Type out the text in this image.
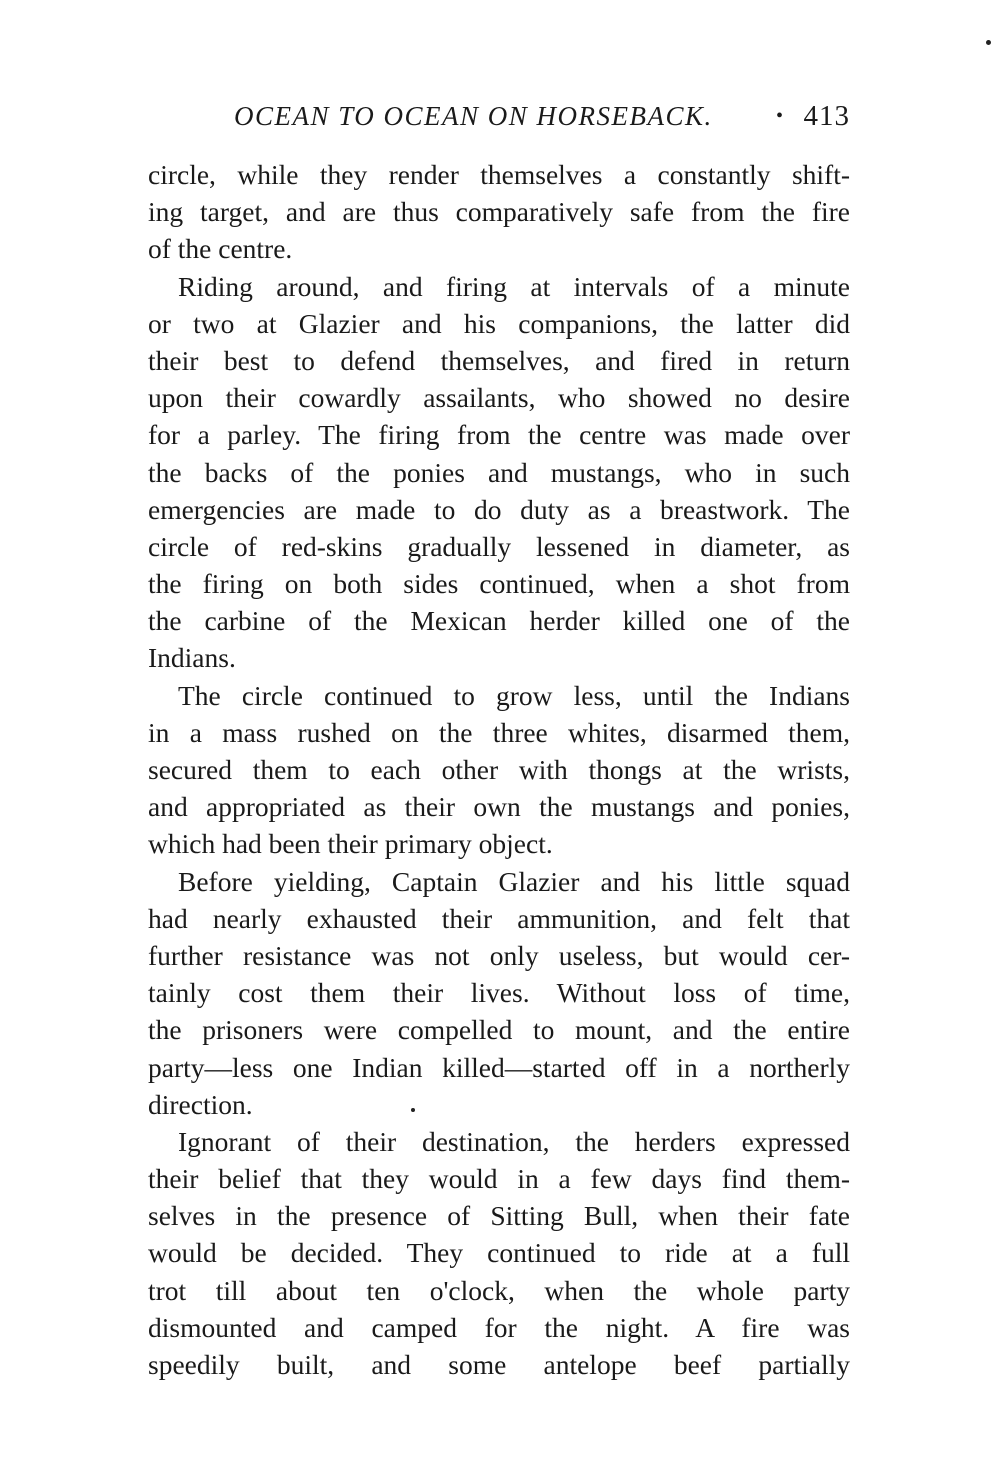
OCEAN TO OCEAN ON HORSEBACK.	• 413
circle, while they render themselves a constantly shift-
ing target, and are thus comparatively safe from the fire
of the centre.
Riding around, and firing at intervals of a minute
or two at Glazier and his companions, the latter did
their best to defend themselves, and fired in return
upon their cowardly assailants, who showed no desire
for a parley. The firing from the centre was made over
the backs of the ponies and mustangs, who in such
emergencies are made to do duty as a breastwork. The
circle of red-skins gradually lessened in diameter, as
the firing on both sides continued, when a shot from
the carbine of the Mexican herder killed one of the
Indians.
The circle continued to grow less, until the Indians
in a mass rushed on the three whites, disarmed them,
secured them to each other with thongs at the wrists,
and appropriated as their own the mustangs and ponies,
which had been their primary object.
Before yielding, Captain Glazier and his little squad
had nearly exhausted their ammunition, and felt that
further resistance was not only useless, but would cer-
tainly cost them their lives. Without loss of time,
the prisoners were compelled to mount, and the entire
party—less one Indian killed—started off in a northerly
direction.
Ignorant of their destination, the herders expressed
their belief that they would in a few days find them-
selves in the presence of Sitting Bull, when their fate
would be decided. They continued to ride at a full
trot till about ten o'clock, when the whole party
dismounted and camped for the night. A fire was
speedily built, and some antelope beef partially
